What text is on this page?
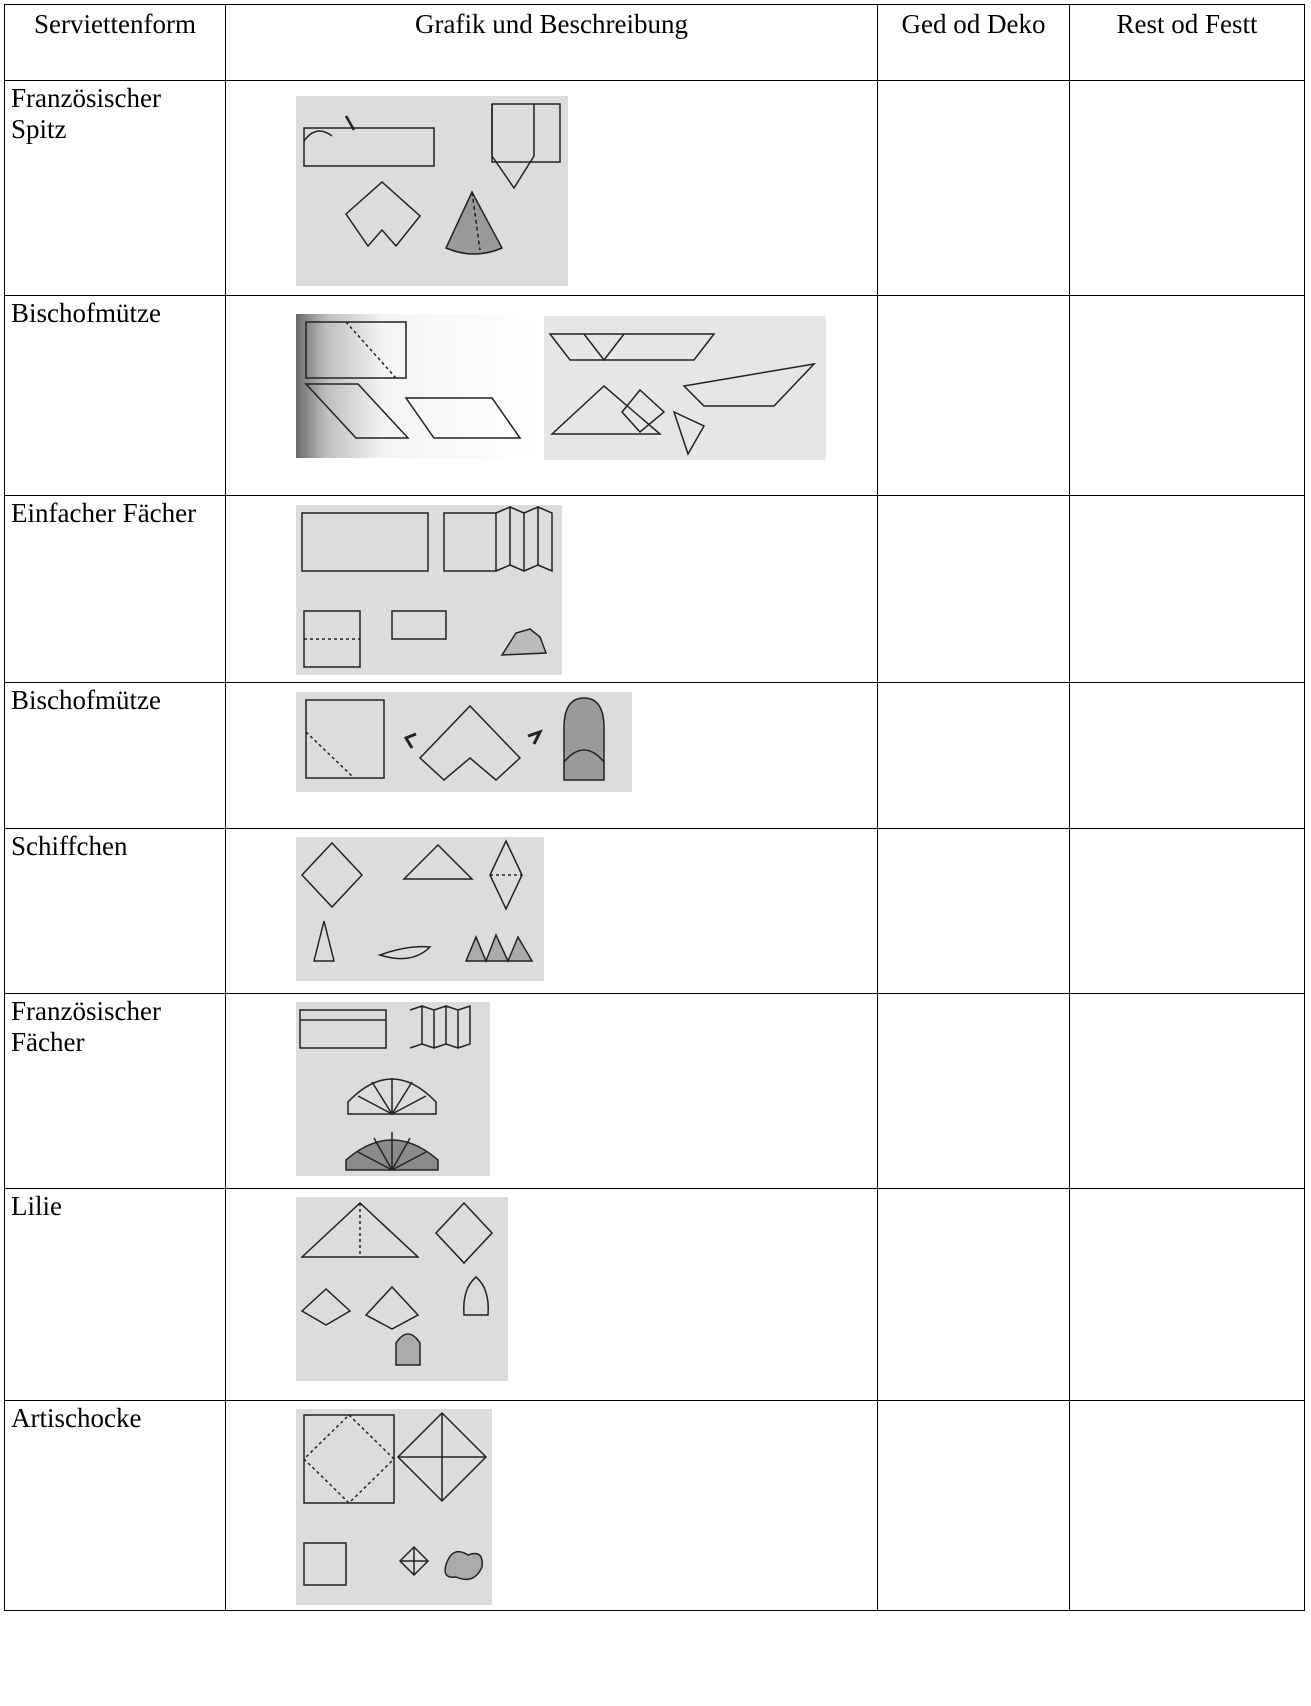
Serviettenform	Grafik und Beschreibung	Ged od Deko	Rest od Festt
Französischer Spitz	

Bischofmütze	

Einfacher Fächer	

Bischofmütze	

Schiffchen	

Französischer Fächer	

Lilie	

Artischocke	
